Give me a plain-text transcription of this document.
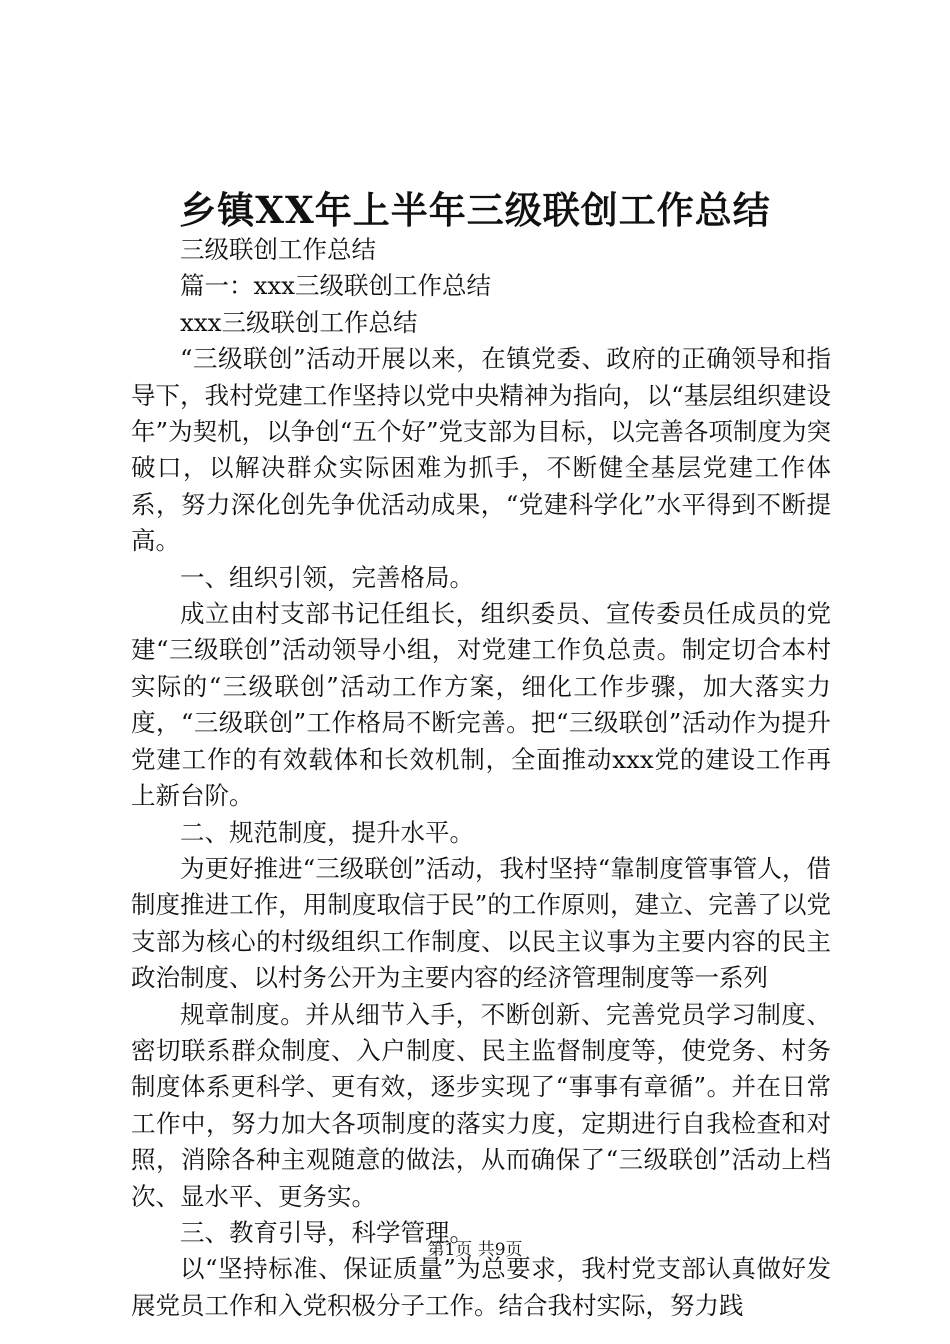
乡镇XX年上半年三级联创工作总结

三级联创工作总结

篇一：xxx三级联创工作总结

xxx三级联创工作总结

“三级联创”活动开展以来，在镇党委、政府的正确领导和指导下，我村党建工作坚持以党中央精神为指向，以“基层组织建设年”为契机，以争创“五个好”党支部为目标，以完善各项制度为突破口，以解决群众实际困难为抓手，不断健全基层党建工作体系，努力深化创先争优活动成果，“党建科学化”水平得到不断提高。

一、组织引领，完善格局。

成立由村支部书记任组长，组织委员、宣传委员任成员的党建“三级联创”活动领导小组，对党建工作负总责。制定切合本村实际的“三级联创”活动工作方案，细化工作步骤，加大落实力度，“三级联创”工作格局不断完善。把“三级联创”活动作为提升党建工作的有效载体和长效机制，全面推动xxx党的建设工作再上新台阶。

二、规范制度，提升水平。

为更好推进“三级联创”活动，我村坚持“靠制度管事管人，借制度推进工作，用制度取信于民”的工作原则，建立、完善了以党支部为核心的村级组织工作制度、以民主议事为主要内容的民主政治制度、以村务公开为主要内容的经济管理制度等一系列

规章制度。并从细节入手，不断创新、完善党员学习制度、密切联系群众制度、入户制度、民主监督制度等，使党务、村务制度体系更科学、更有效，逐步实现了“事事有章循”。并在日常工作中，努力加大各项制度的落实力度，定期进行自我检查和对照，消除各种主观随意的做法，从而确保了“三级联创”活动上档次、显水平、更务实。

三、教育引导，科学管理。

以“坚持标准、保证质量”为总要求，我村党支部认真做好发展党员工作和入党积极分子工作。结合我村实际，努力践

第1页 共9页
